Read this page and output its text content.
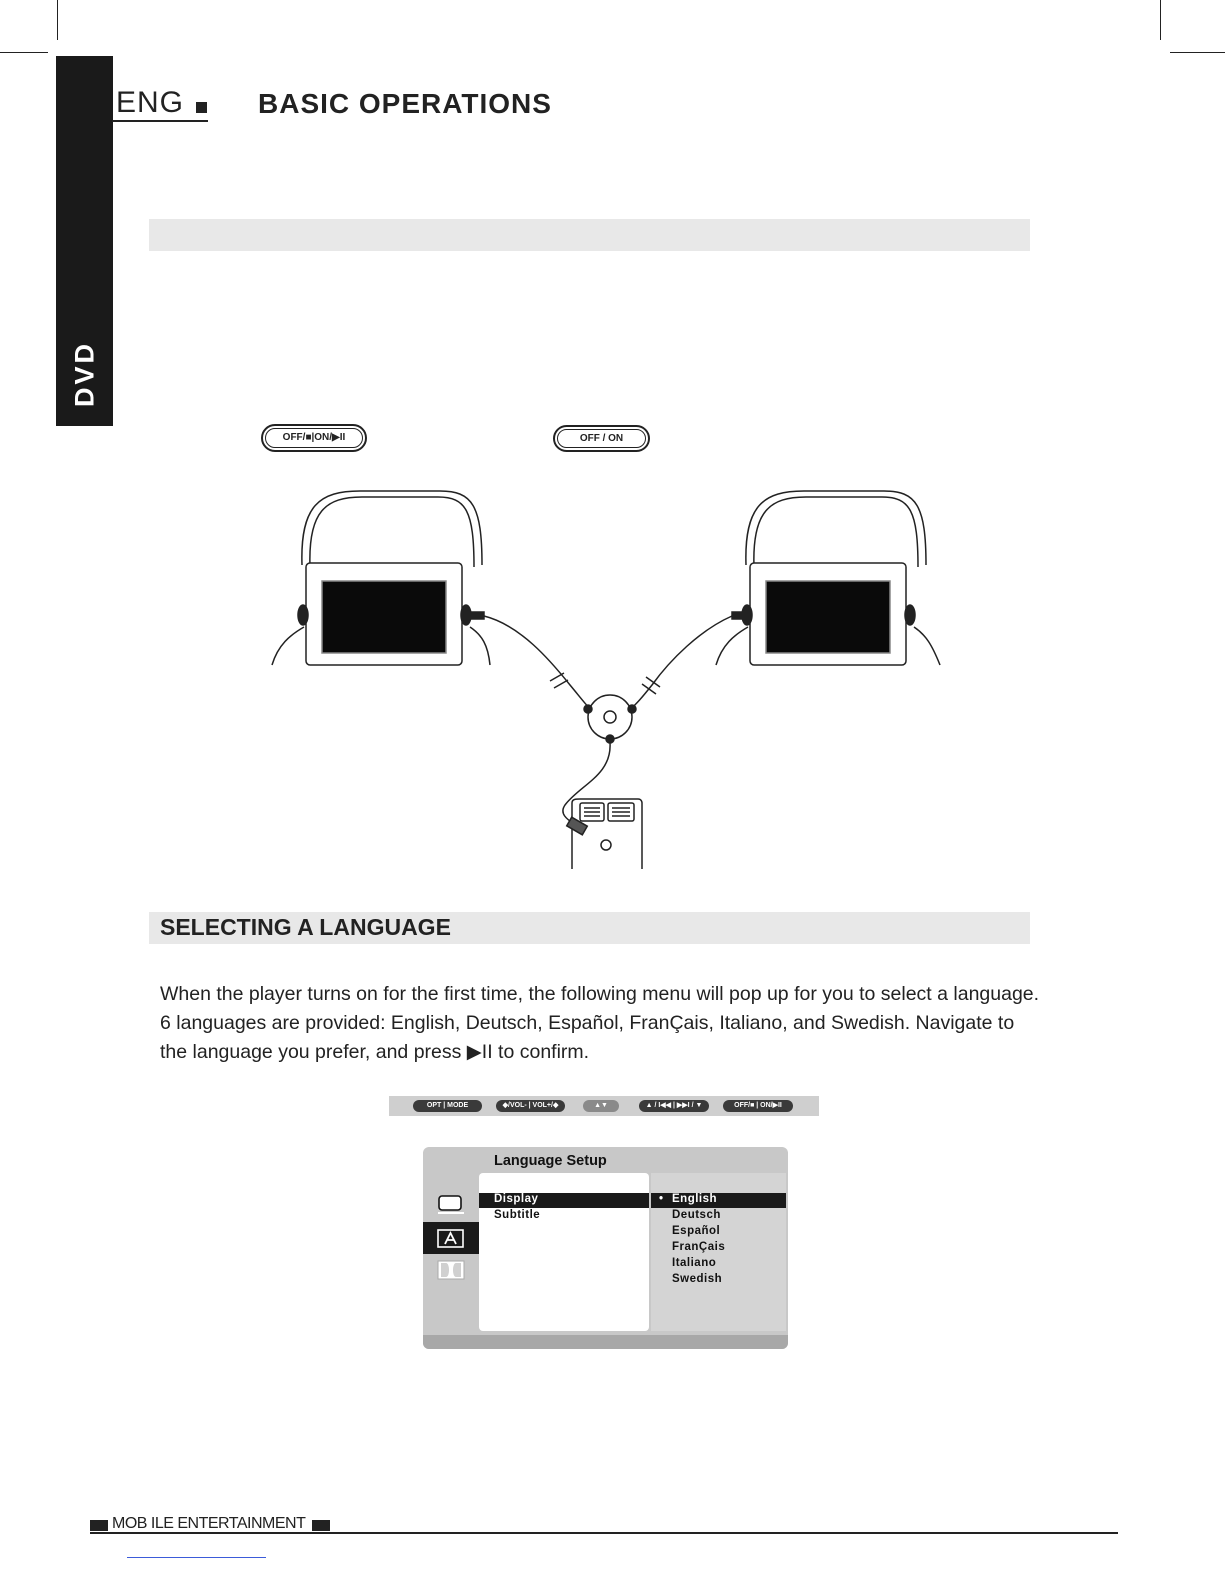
DVD
ENG	BASIC OPERATIONS
OFF/■|ON/▶II	OFF / ON
SELECTING A LANGUAGE

When the player turns on for the first time, the following menu will pop up for you to select a language. 6 languages are provided: English, Deutsch, Español, FranÇais, Italiano, and Swedish. Navigate to the language you prefer, and press ▶II to confirm.

OPT | MODE	◆/VOL- | VOL+/◆	▲▼	▲ / I◀◀ | ▶▶I / ▼	OFF/■ | ON/▶II
Language Setup
Display
Subtitle
• English
Deutsch
Español
FranÇais
Italiano
Swedish
MOB ILE ENTERTAINMENT
